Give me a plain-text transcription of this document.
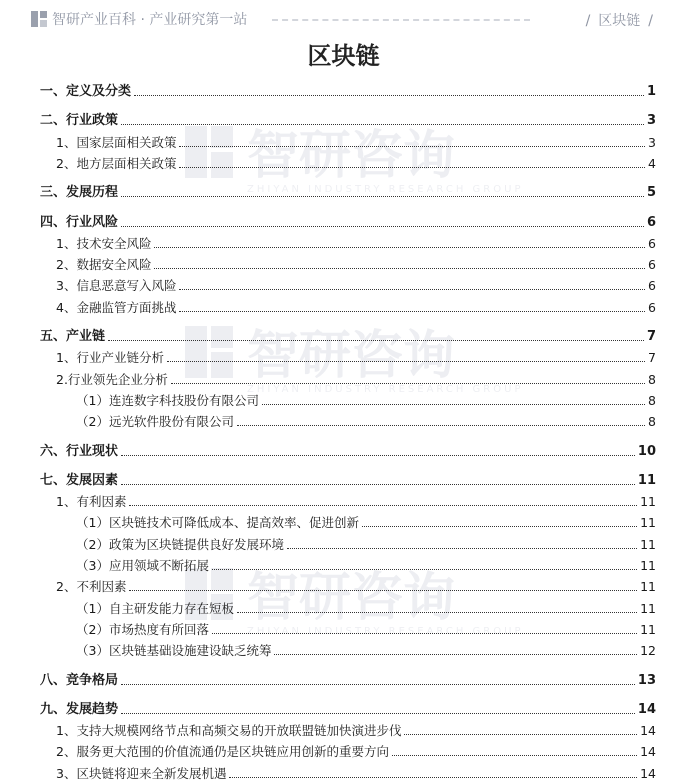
智研产业百科 · 产业研究第一站	/ 区块链 /
区块链
智研咨询
ZHIYAN INDUSTRY RESEARCH GROUP
智研咨询
ZHIYAN INDUSTRY RESEARCH GROUP
智研咨询
ZHIYAN INDUSTRY RESEARCH GROUP
一、定义及分类	1
二、行业政策	3
1、国家层面相关政策	3
2、地方层面相关政策	4
三、发展历程	5
四、行业风险	6
1、技术安全风险	6
2、数据安全风险	6
3、信息恶意写入风险	6
4、金融监管方面挑战	6
五、产业链	7
1、行业产业链分析	7
2.行业领先企业分析	8
（1）连连数字科技股份有限公司	8
（2）远光软件股份有限公司	8
六、行业现状	10
七、发展因素	11
1、有利因素	11
（1）区块链技术可降低成本、提高效率、促进创新	11
（2）政策为区块链提供良好发展环境	11
（3）应用领域不断拓展	11
2、不利因素	11
（1）自主研发能力存在短板	11
（2）市场热度有所回落	11
（3）区块链基础设施建设缺乏统筹	12
八、竞争格局	13
九、发展趋势	14
1、支持大规模网络节点和高频交易的开放联盟链加快演进步伐	14
2、服务更大范围的价值流通仍是区块链应用创新的重要方向	14
3、区块链将迎来全新发展机遇	14
